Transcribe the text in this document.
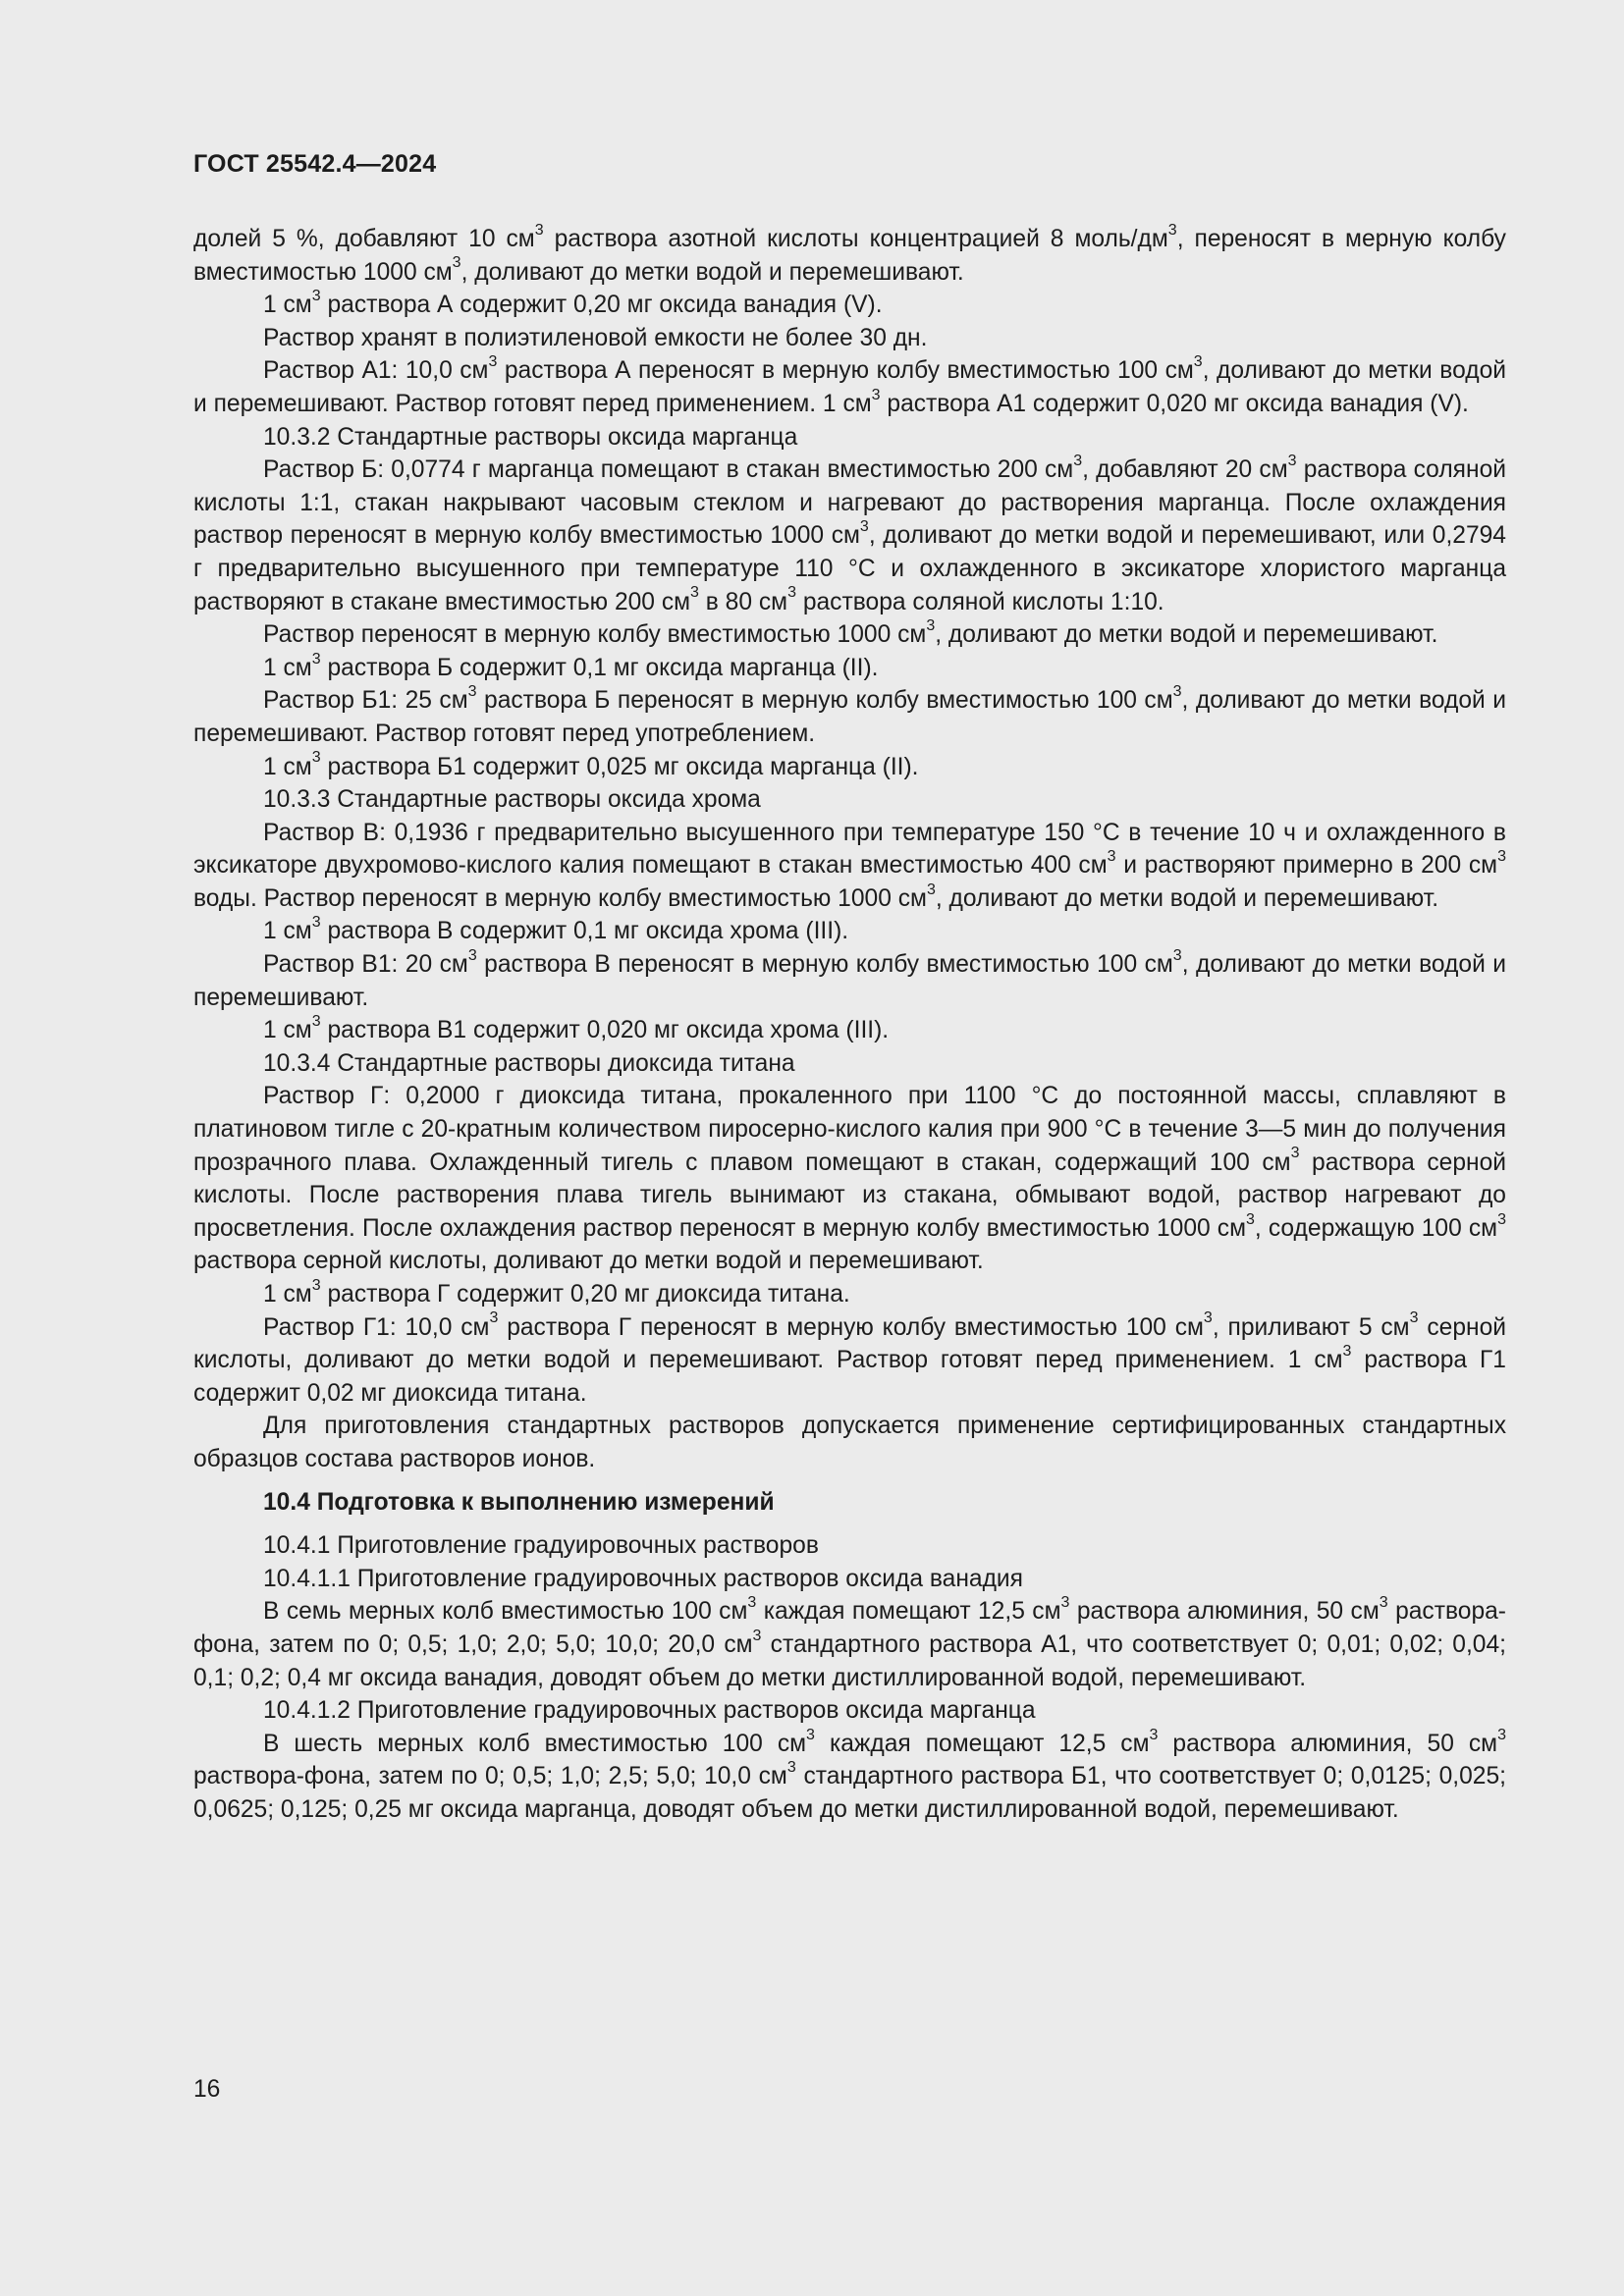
ГОСТ 25542.4—2024

долей 5 %, добавляют 10 $см^3$ раствора азотной кислоты концентрацией 8 моль/$дм^3$, переносят в мерную колбу вместимостью 1000 $см^3$, доливают до метки водой и перемешивают.

1 $см^3$ раствора А содержит 0,20 мг оксида ванадия (V).

Раствор хранят в полиэтиленовой емкости не более 30 дн.

Раствор А1: 10,0 $см^3$ раствора А переносят в мерную колбу вместимостью 100 $см^3$, доливают до метки водой и перемешивают. Раствор готовят перед применением. 1 $см^3$ раствора А1 содержит 0,020 мг оксида ванадия (V).

10.3.2 Стандартные растворы оксида марганца

Раствор Б: 0,0774 г марганца помещают в стакан вместимостью 200 $см^3$, добавляют 20 $см^3$ раствора соляной кислоты 1:1, стакан накрывают часовым стеклом и нагревают до растворения марганца. После охлаждения раствор переносят в мерную колбу вместимостью 1000 $см^3$, доливают до метки водой и перемешивают, или 0,2794 г предварительно высушенного при температуре 110 °С и охлажденного в эксикаторе хлористого марганца растворяют в стакане вместимостью 200 $см^3$ в 80 $см^3$ раствора соляной кислоты 1:10.

Раствор переносят в мерную колбу вместимостью 1000 $см^3$, доливают до метки водой и перемешивают.

1 $см^3$ раствора Б содержит 0,1 мг оксида марганца (II).

Раствор Б1: 25 $см^3$ раствора Б переносят в мерную колбу вместимостью 100 $см^3$, доливают до метки водой и перемешивают. Раствор готовят перед употреблением.

1 $см^3$ раствора Б1 содержит 0,025 мг оксида марганца (II).

10.3.3 Стандартные растворы оксида хрома

Раствор В: 0,1936 г предварительно высушенного при температуре 150 °С в течение 10 ч и охлажденного в эксикаторе двухромово-кислого калия помещают в стакан вместимостью 400 $см^3$ и растворяют примерно в 200 $см^3$ воды. Раствор переносят в мерную колбу вместимостью 1000 $см^3$, доливают до метки водой и перемешивают.

1 $см^3$ раствора В содержит 0,1 мг оксида хрома (III).

Раствор В1: 20 $см^3$ раствора В переносят в мерную колбу вместимостью 100 $см^3$, доливают до метки водой и перемешивают.

1 $см^3$ раствора В1 содержит 0,020 мг оксида хрома (III).

10.3.4 Стандартные растворы диоксида титана

Раствор Г: 0,2000 г диоксида титана, прокаленного при 1100 °С до постоянной массы, сплавляют в платиновом тигле с 20-кратным количеством пиросерно-кислого калия при 900 °С в течение 3—5 мин до получения прозрачного плава. Охлажденный тигель с плавом помещают в стакан, содержащий 100 $см^3$ раствора серной кислоты. После растворения плава тигель вынимают из стакана, обмывают водой, раствор нагревают до просветления. После охлаждения раствор переносят в мерную колбу вместимостью 1000 $см^3$, содержащую 100 $см^3$ раствора серной кислоты, доливают до метки водой и перемешивают.

1 $см^3$ раствора Г содержит 0,20 мг диоксида титана.

Раствор Г1: 10,0 $см^3$ раствора Г переносят в мерную колбу вместимостью 100 $см^3$, приливают 5 $см^3$ серной кислоты, доливают до метки водой и перемешивают. Раствор готовят перед применением. 1 $см^3$ раствора Г1 содержит 0,02 мг диоксида титана.

Для приготовления стандартных растворов допускается применение сертифицированных стандартных образцов состава растворов ионов.

10.4 Подготовка к выполнению измерений

10.4.1 Приготовление градуировочных растворов

10.4.1.1 Приготовление градуировочных растворов оксида ванадия

В семь мерных колб вместимостью 100 $см^3$ каждая помещают 12,5 $см^3$ раствора алюминия, 50 $см^3$ раствора-фона, затем по 0; 0,5; 1,0; 2,0; 5,0; 10,0; 20,0 $см^3$ стандартного раствора А1, что соответствует 0; 0,01; 0,02; 0,04; 0,1; 0,2; 0,4 мг оксида ванадия, доводят объем до метки дистиллированной водой, перемешивают.

10.4.1.2 Приготовление градуировочных растворов оксида марганца

В шесть мерных колб вместимостью 100 $см^3$ каждая помещают 12,5 $см^3$ раствора алюминия, 50 $см^3$ раствора-фона, затем по 0; 0,5; 1,0; 2,5; 5,0; 10,0 $см^3$ стандартного раствора Б1, что соответствует 0; 0,0125; 0,025; 0,0625; 0,125; 0,25 мг оксида марганца, доводят объем до метки дистиллированной водой, перемешивают.

16
